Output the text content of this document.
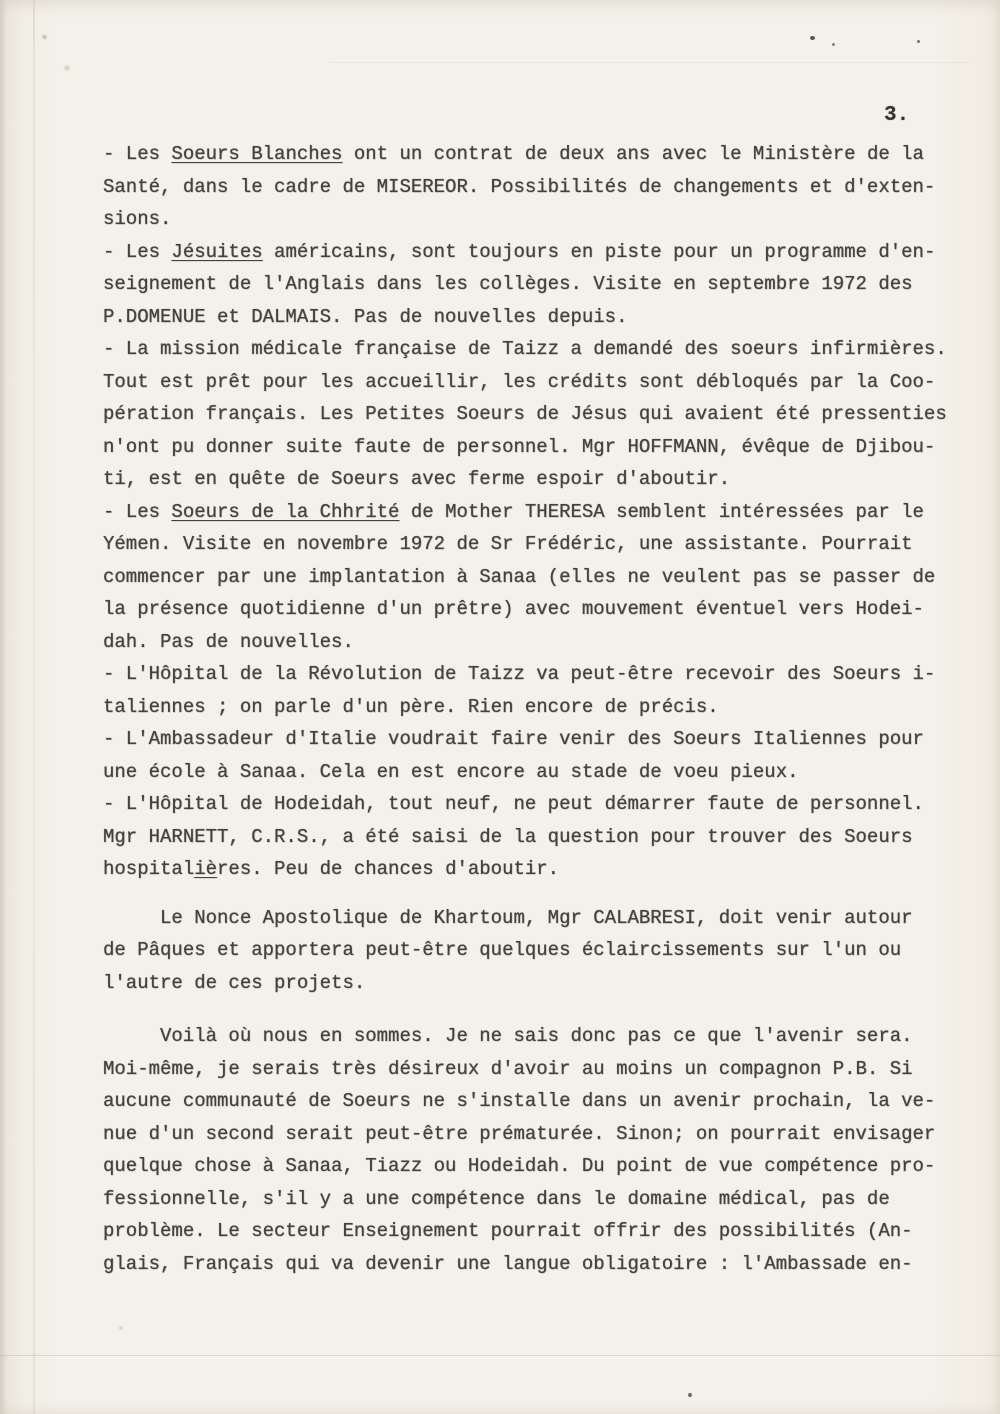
3.
- Les Soeurs Blanches ont un contrat de deux ans avec le Ministère de la
Santé, dans le cadre de MISEREOR. Possibilités de changements et d'exten-
sions.
- Les Jésuites américains, sont toujours en piste pour un programme d'en-
seignement de l'Anglais dans les collèges. Visite en septembre 1972 des
P.DOMENUE et DALMAIS. Pas de nouvelles depuis.
- La mission médicale française de Taizz a demandé des soeurs infirmières.
Tout est prêt pour les accueillir, les crédits sont débloqués par la Coo-
pération français. Les Petites Soeurs de Jésus qui avaient été pressenties
n'ont pu donner suite faute de personnel. Mgr HOFFMANN, évêque de Djibou-
ti, est en quête de Soeurs avec ferme espoir d'aboutir.
- Les Soeurs de la Chhrité de Mother THERESA semblent intéressées par le
Yémen. Visite en novembre 1972 de Sr Frédéric, une assistante. Pourrait
commencer par une implantation à Sanaa (elles ne veulent pas se passer de
la présence quotidienne d'un prêtre) avec mouvement éventuel vers Hodei-
dah. Pas de nouvelles.
- L'Hôpital de la Révolution de Taizz va peut-être recevoir des Soeurs i-
taliennes ; on parle d'un père. Rien encore de précis.
- L'Ambassadeur d'Italie voudrait faire venir des Soeurs Italiennes pour
une école à Sanaa. Cela en est encore au stade de voeu pieux.
- L'Hôpital de Hodeidah, tout neuf, ne peut démarrer faute de personnel.
Mgr HARNETT, C.R.S., a été saisi de la question pour trouver des Soeurs
hospitalières. Peu de chances d'aboutir.
Le Nonce Apostolique de Khartoum, Mgr CALABRESI, doit venir autour
de Pâques et apportera peut-être quelques éclaircissements sur l'un ou
l'autre de ces projets.
Voilà où nous en sommes. Je ne sais donc pas ce que l'avenir sera.
Moi-même, je serais très désireux d'avoir au moins un compagnon P.B. Si
aucune communauté de Soeurs ne s'installe dans un avenir prochain, la ve-
nue d'un second serait peut-être prématurée. Sinon; on pourrait envisager
quelque chose à Sanaa, Tiazz ou Hodeidah. Du point de vue compétence pro-
fessionnelle, s'il y a une compétence dans le domaine médical, pas de
problème. Le secteur Enseignement pourrait offrir des possibilités (An-
glais, Français qui va devenir une langue obligatoire : l'Ambassade en-
